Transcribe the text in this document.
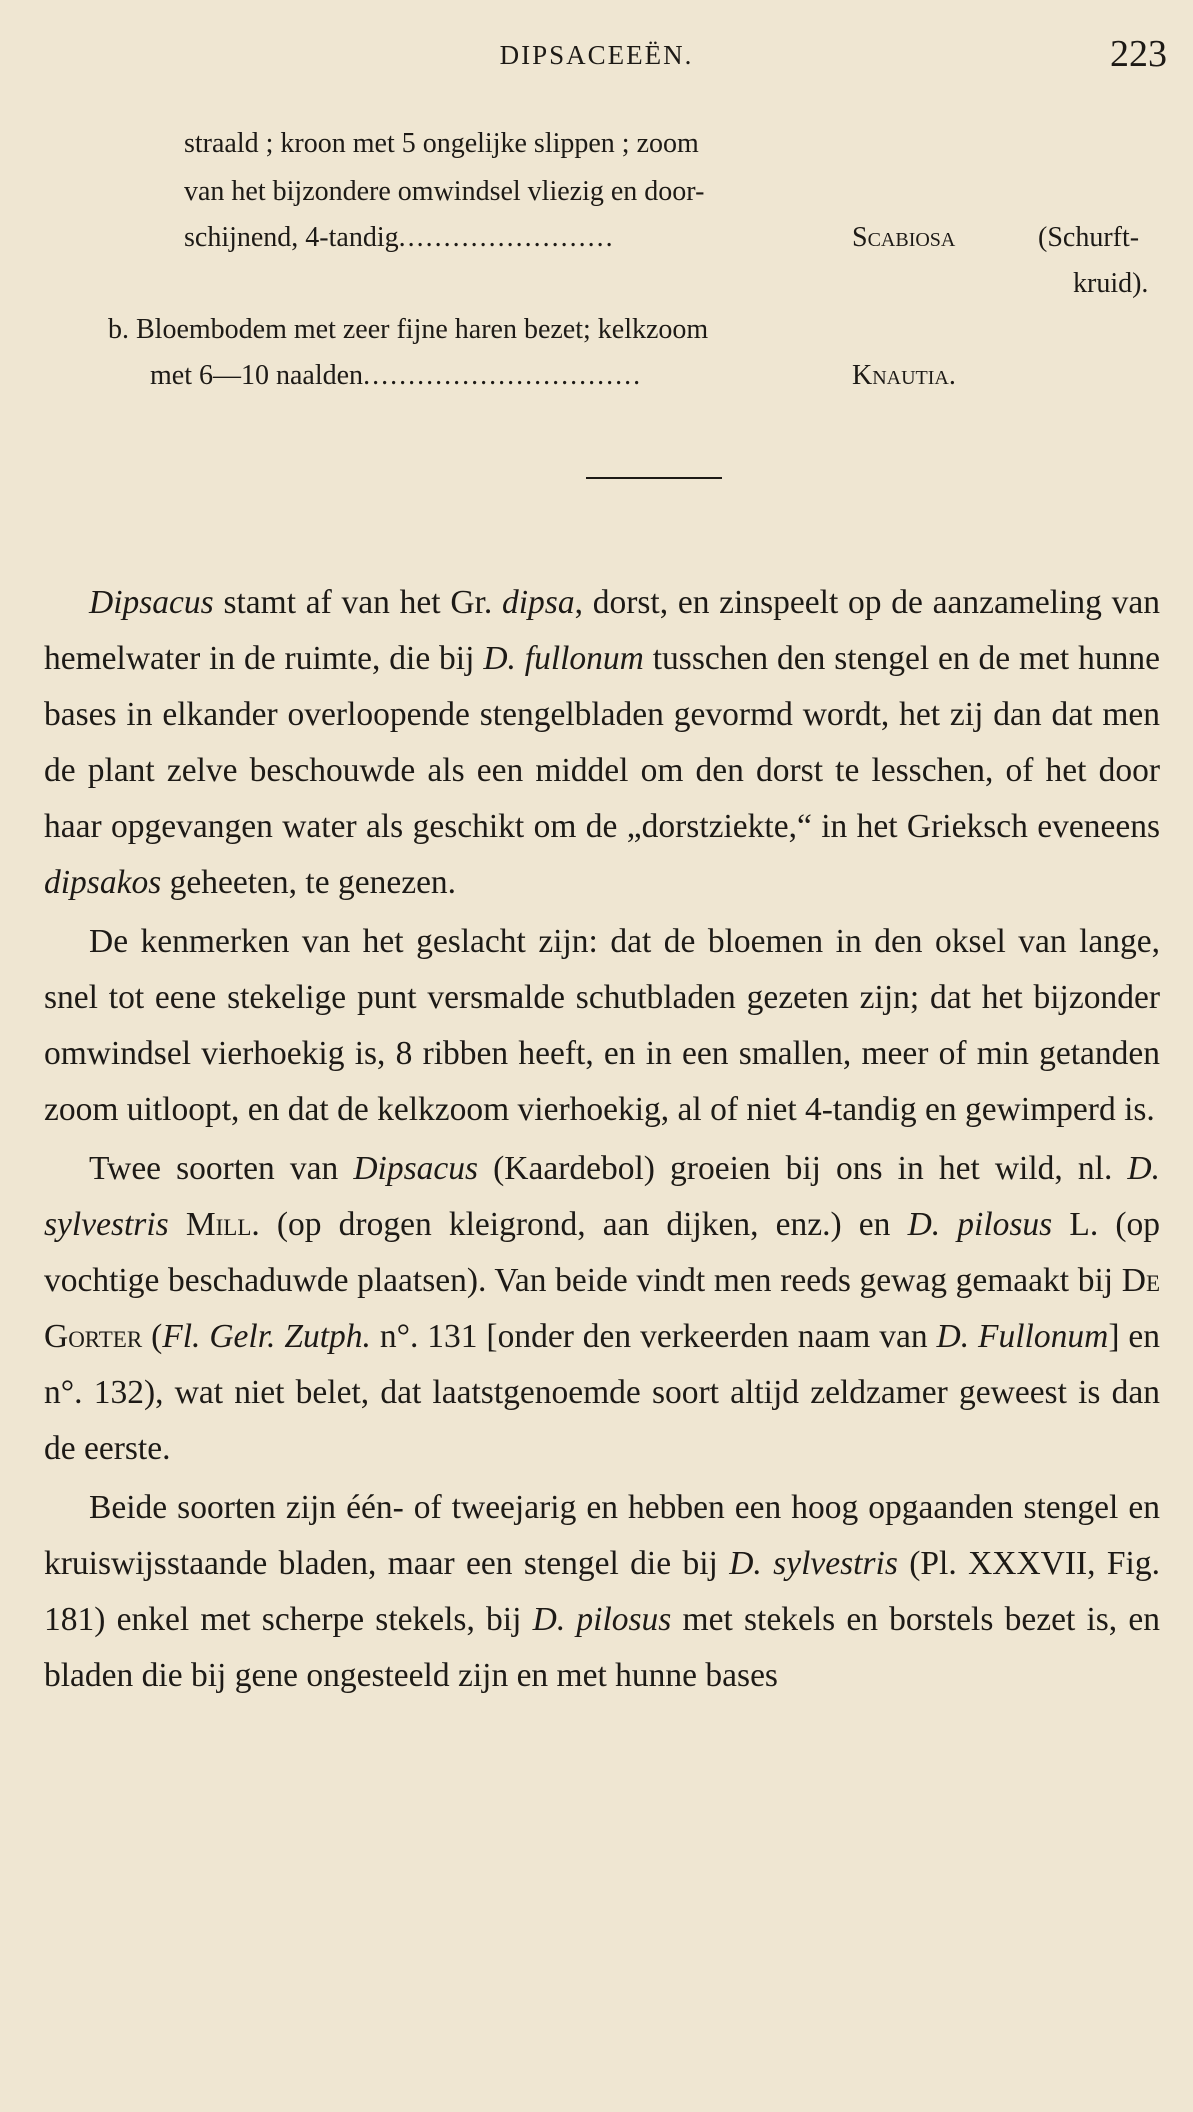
DIPSACEEËN.	223
straald ; kroon met 5 ongelijke slippen ; zoom
van het bijzondere omwindsel vliezig en door-
schijnend, 4-tandig........................	Scabiosa	(Schurft-
kruid).
b. Bloembodem met zeer fijne haren bezet; kelkzoom
met 6—10 naalden...............................	Knautia.

Dipsacus stamt af van het Gr. dipsa, dorst, en zinspeelt op de aanzameling van hemelwater in de ruimte, die bij D. fullonum tusschen den stengel en de met hunne bases in elkander overloopende stengelbladen gevormd wordt, het zij dan dat men de plant zelve beschouwde als een middel om den dorst te lesschen, of het door haar opgevangen water als geschikt om de „dorstziekte,“ in het Grieksch eveneens dipsakos geheeten, te genezen.

De kenmerken van het geslacht zijn: dat de bloemen in den oksel van lange, snel tot eene stekelige punt versmalde schutbladen gezeten zijn; dat het bijzonder omwindsel vierhoekig is, 8 ribben heeft, en in een smallen, meer of min getanden zoom uitloopt, en dat de kelkzoom vierhoekig, al of niet 4-tandig en gewimperd is.

Twee soorten van Dipsacus (Kaardebol) groeien bij ons in het wild, nl. D. sylvestris Mill. (op drogen kleigrond, aan dijken, enz.) en D. pilosus L. (op vochtige beschaduwde plaatsen). Van beide vindt men reeds gewag gemaakt bij De Gorter (Fl. Gelr. Zutph. n°. 131 [onder den verkeerden naam van D. Fullonum] en n°. 132), wat niet belet, dat laatstgenoemde soort altijd zeldzamer geweest is dan de eerste.

Beide soorten zijn één- of tweejarig en hebben een hoog opgaanden stengel en kruiswijsstaande bladen, maar een stengel die bij D. sylvestris (Pl. XXXVII, Fig. 181) enkel met scherpe stekels, bij D. pilosus met stekels en borstels bezet is, en bladen die bij gene ongesteeld zijn en met hunne bases
